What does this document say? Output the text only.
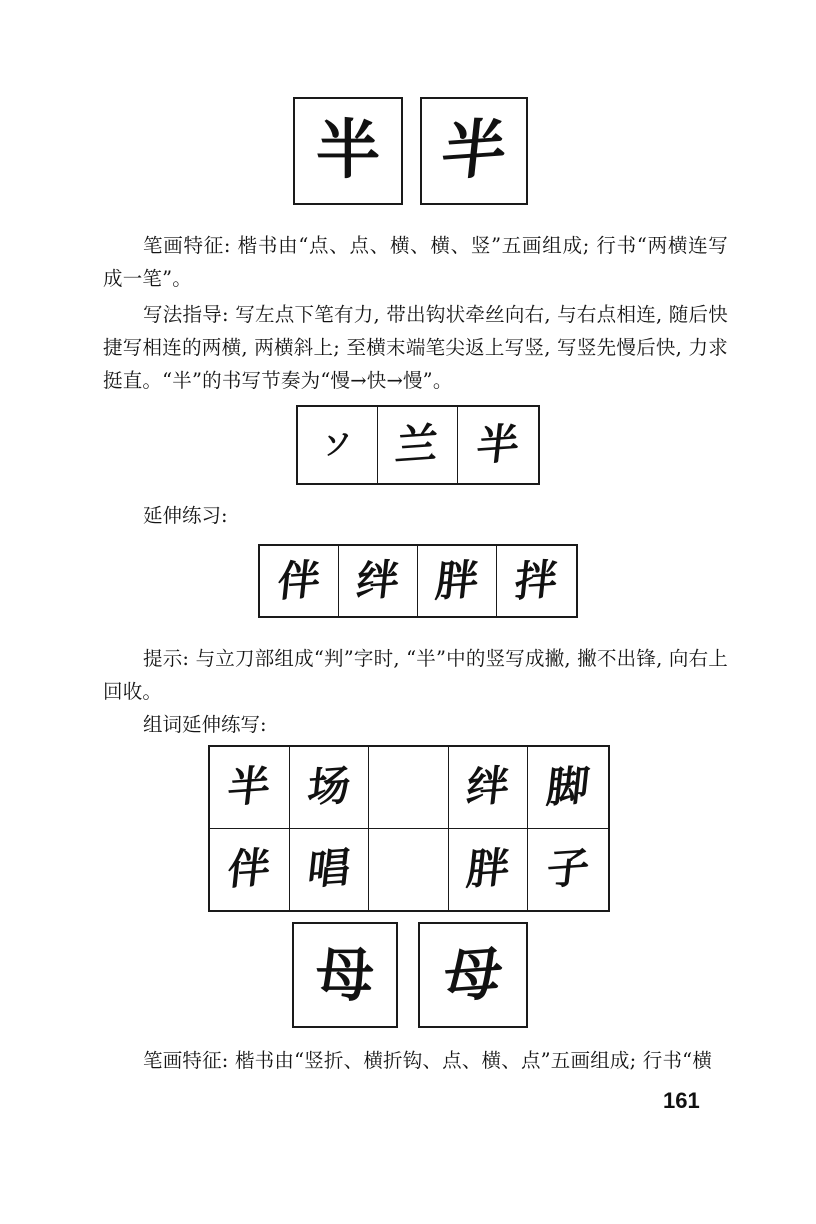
半 半

笔画特征: 楷书由“点、点、横、横、竖”五画组成; 行书“两横连写成一笔”。

写法指导: 写左点下笔有力, 带出钩状牵丝向右, 与右点相连, 随后快捷写相连的两横, 两横斜上; 至横末端笔尖返上写竖, 写竖先慢后快, 力求挺直。“半”的书写节奏为“慢→快→慢”。

ソ 兰 半
延伸练习:
伴 绊 胖 拌

提示: 与立刀部组成“判”字时, “半”中的竖写成撇, 撇不出锋, 向右上回收。

组词延伸练写:
半 场	绊 脚
伴 唱	胖 子
母 母

笔画特征: 楷书由“竖折、横折钩、点、横、点”五画组成; 行书“横

161
